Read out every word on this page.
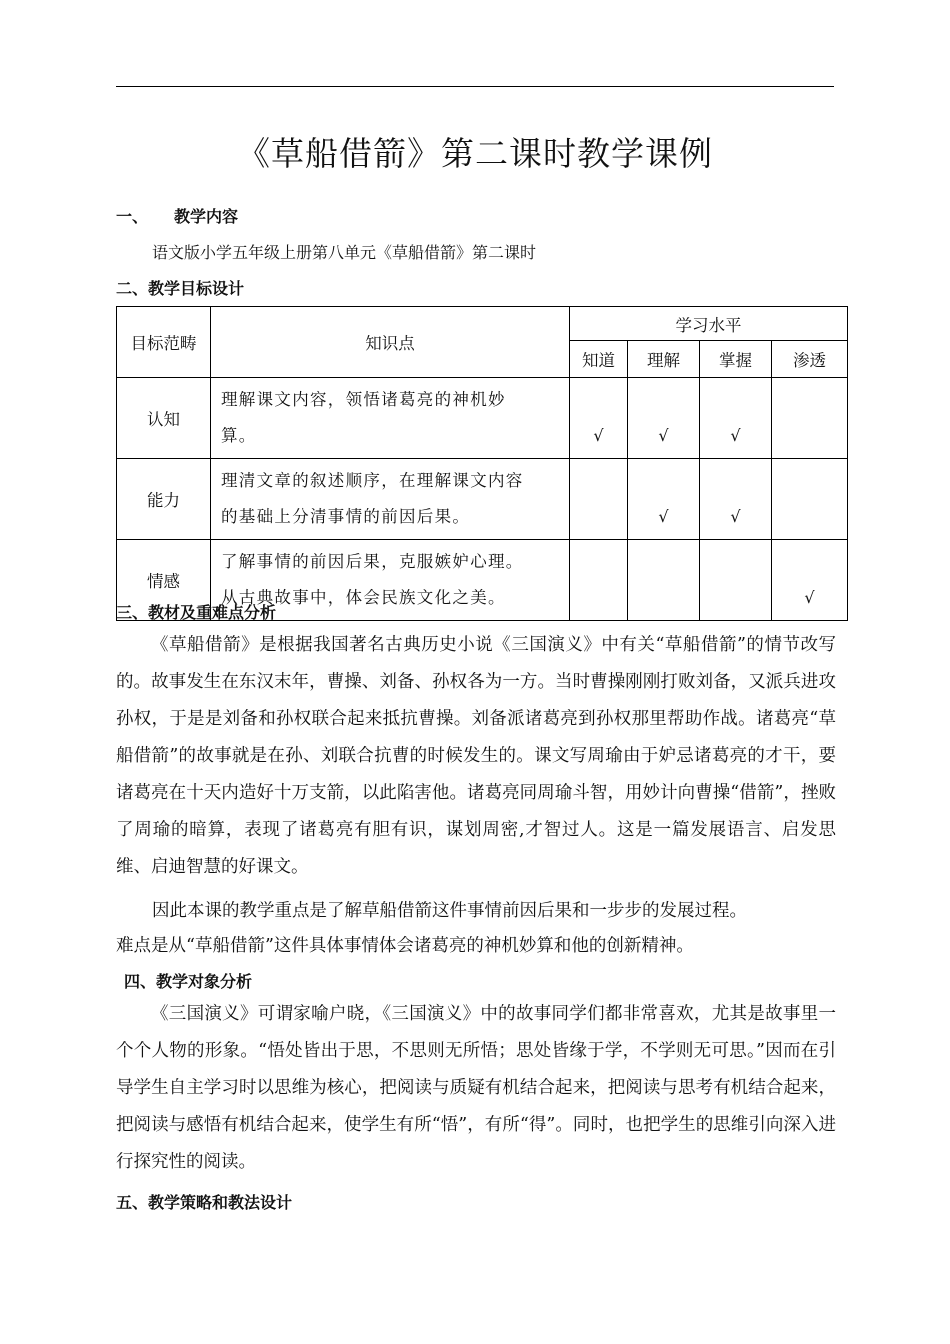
《草船借箭》第二课时教学课例
一、 教学内容
语文版小学五年级上册第八单元《草船借箭》第二课时
二、教学目标设计
目标范畴	知识点	学习水平			
		知道	理解	掌握	渗透
认知	理解课文内容，领悟诸葛亮的神机妙
算。	√	√	√	

能力	理清文章的叙述顺序，在理解课文内容
的基础上分清事情的前因后果。		√	√	

情感	了解事情的前因后果，克服嫉妒心理。
从古典故事中，体会民族文化之美。				√
三、教材及重难点分析
《草船借箭》是根据我国著名古典历史小说《三国演义》中有关“草船借箭”的情节改写的。故事发生在东汉末年，曹操、刘备、孙权各为一方。当时曹操刚刚打败刘备，又派兵进攻孙权，于是是刘备和孙权联合起来抵抗曹操。刘备派诸葛亮到孙权那里帮助作战。诸葛亮“草船借箭”的故事就是在孙、刘联合抗曹的时候发生的。课文写周瑜由于妒忌诸葛亮的才干，要诸葛亮在十天内造好十万支箭，以此陷害他。诸葛亮同周瑜斗智，用妙计向曹操“借箭”，挫败了周瑜的暗算，表现了诸葛亮有胆有识，谋划周密,才智过人。这是一篇发展语言、启发思维、启迪智慧的好课文。
因此本课的教学重点是了解草船借箭这件事情前因后果和一步步的发展过程。
难点是从“草船借箭”这件具体事情体会诸葛亮的神机妙算和他的创新精神。
四、教学对象分析
《三国演义》可谓家喻户晓，《三国演义》中的故事同学们都非常喜欢，尤其是故事里一个个人物的形象。“悟处皆出于思，不思则无所悟；思处皆缘于学，不学则无可思。”因而在引导学生自主学习时以思维为核心，把阅读与质疑有机结合起来，把阅读与思考有机结合起来，把阅读与感悟有机结合起来，使学生有所“悟”，有所“得”。同时，也把学生的思维引向深入进行探究性的阅读。
五、教学策略和教法设计
